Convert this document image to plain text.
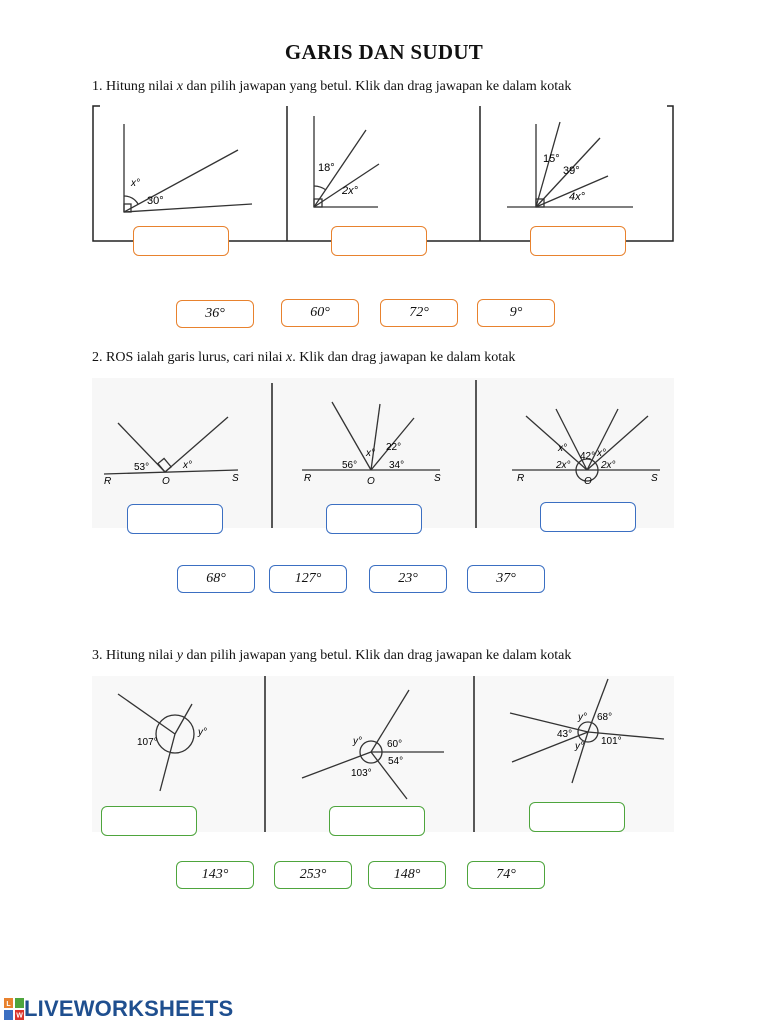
GARIS DAN SUDUT
1. Hitung nilai x dan pilih jawapan yang betul. Klik dan drag jawapan ke dalam kotak
x°
30°
18°
2x°
15°
39°
4x°
36°	60°	72°	9°
2. ROS ialah garis lurus, cari nilai x. Klik dan drag jawapan ke dalam kotak
53°	x°
R	O	S
56°
x°
22°
34°
R	O	S
x°	x°
42°
2x°	2x°
R	O	S
68°	127°	23°	37°
3. Hitung nilai y dan pilih jawapan yang betul. Klik dan drag jawapan ke dalam kotak
107°
y°
y°	60°
54°
103°
y° 68°
43°
101°
y°
143°	253°	148°	74°
L
W LIVEWORKSHEETS
